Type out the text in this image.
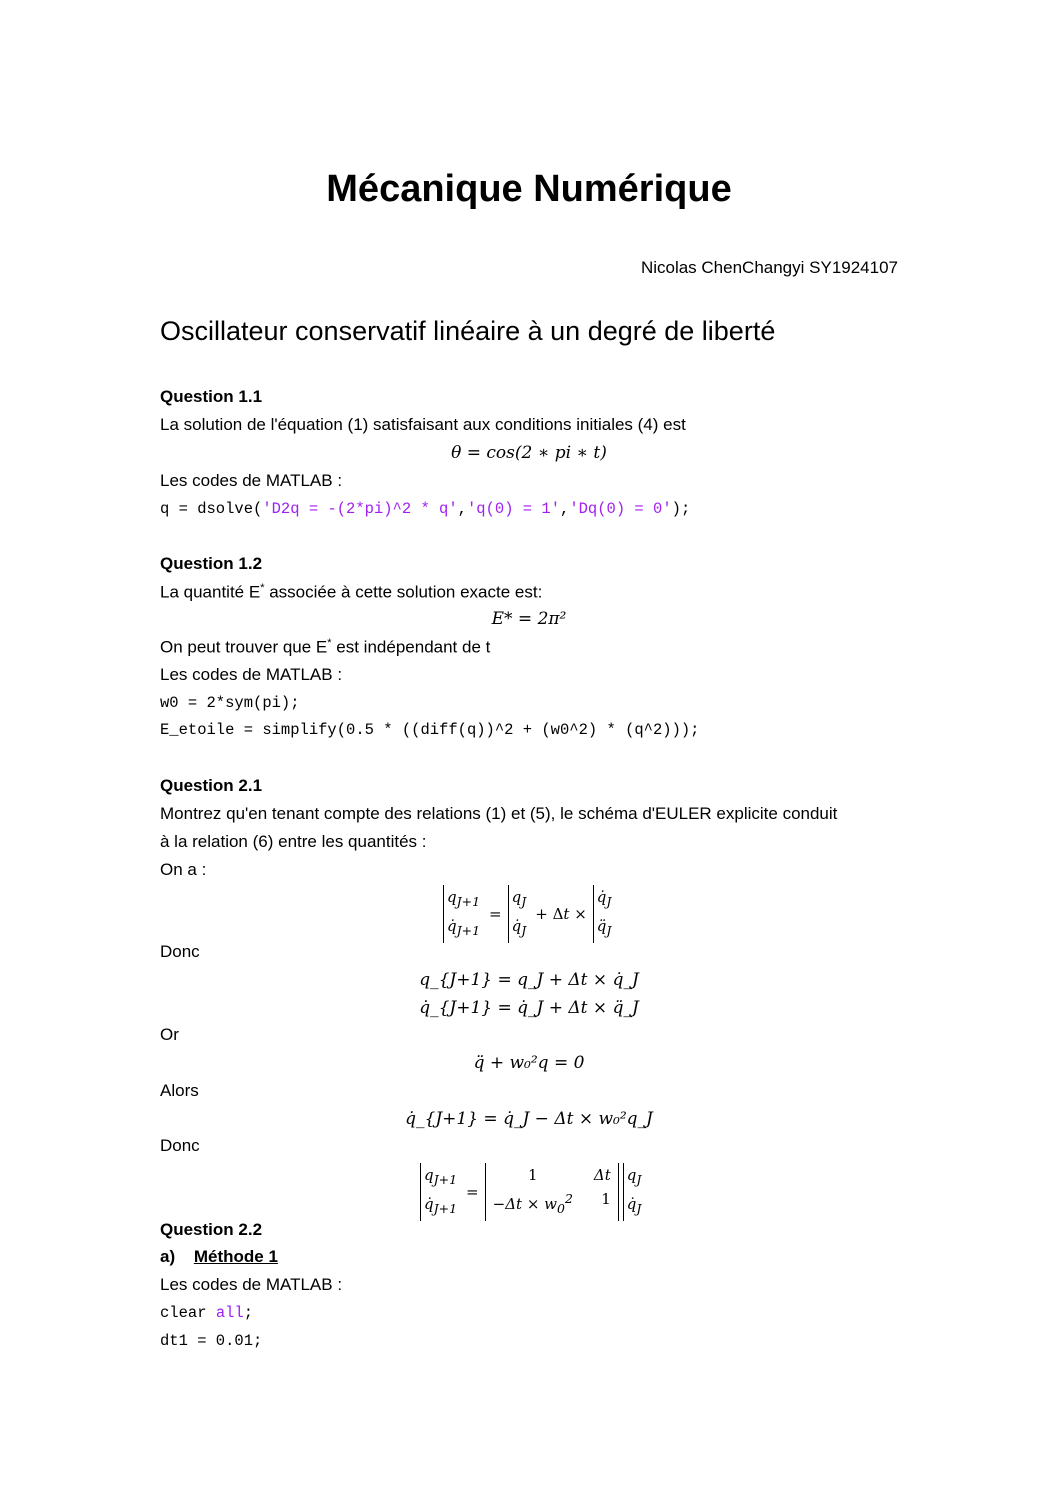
Mécanique Numérique
Nicolas ChenChangyi SY1924107
Oscillateur conservatif linéaire à un degré de liberté
Question 1.1
La solution de l'équation (1) satisfaisant aux conditions initiales (4) est
θ = cos(2 ∗ pi ∗ t)
Les codes de MATLAB :
q = dsolve('D2q = -(2*pi)^2 * q','q(0) = 1','Dq(0) = 0');
Question 1.2
La quantité E* associée à cette solution exacte est:
E* = 2π²
On peut trouver que E* est indépendant de t
Les codes de MATLAB :
w0 = 2*sym(pi);
E_etoile = simplify(0.5 * ((diff(q))^2 + (w0^2) * (q^2)));
Question 2.1
Montrez qu'en tenant compte des relations (1) et (5), le schéma d'EULER explicite conduit
à la relation (6) entre les quantités :
On a :
$q_{J+1}$
$q̇_{J+1}$
=
$q_J$
$q̇_J$
+ Δt ×
$q̇_J$
$q̈_J$
Donc
q_{J+1} = q_J + Δt × q̇_J
q̇_{J+1} = q̇_J + Δt × q̈_J
Or
q̈ + w₀²q = 0
Alors
q̇_{J+1} = q̇_J − Δt × w₀²q_J
Donc
$q_{J+1}$
$q̇_{J+1}$
=
1
$-\Delta t \times w_0^2$
Δt
1
$q_J$
$q̇_J$
Question 2.2
a) Méthode 1
Les codes de MATLAB :
clear all;
dt1 = 0.01;
